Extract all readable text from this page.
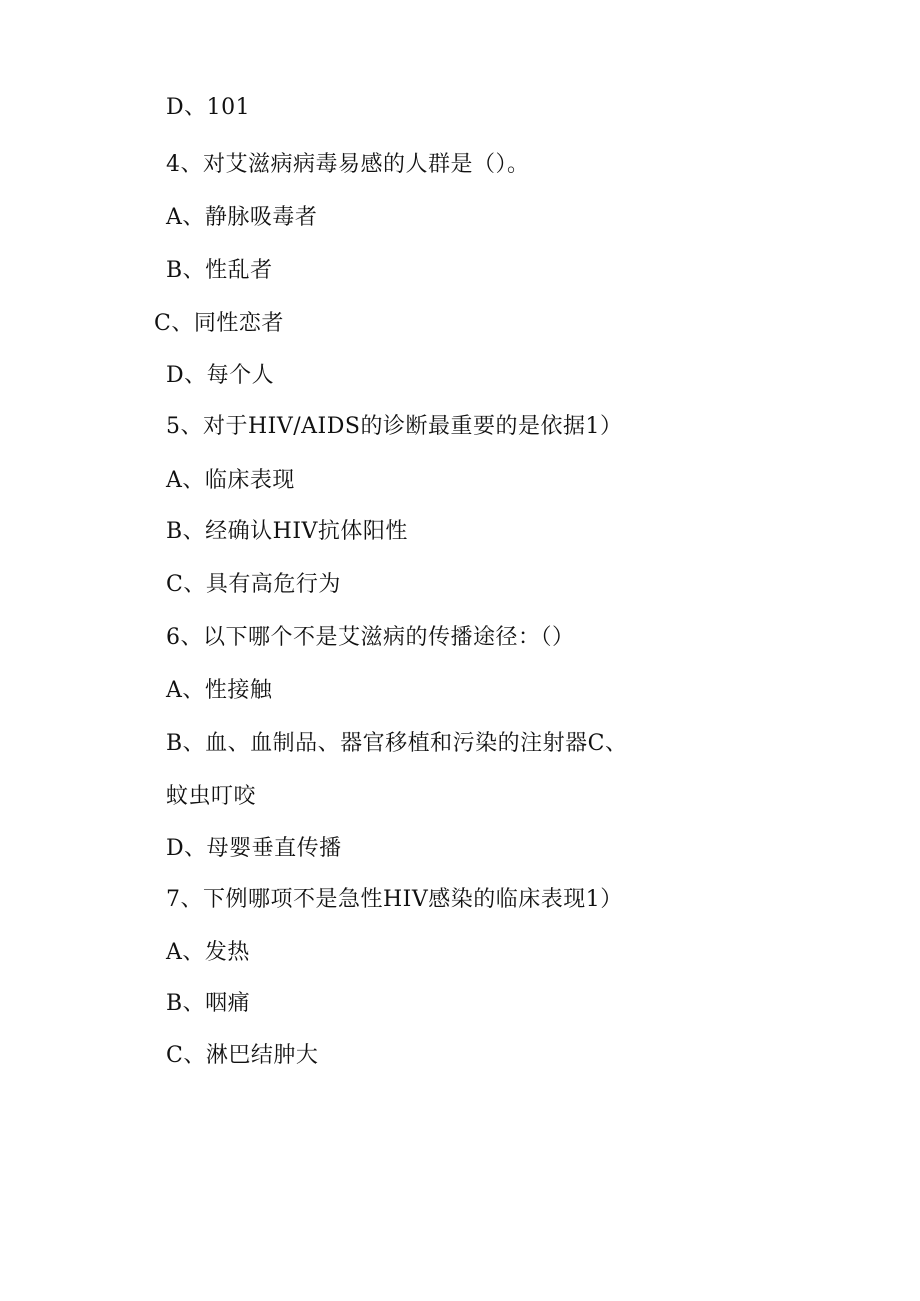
D、101
4、对艾滋病病毒易感的人群是（）。
A、静脉吸毒者
B、性乱者
C、同性恋者
D、每个人
5、对于HIV/AIDS的诊断最重要的是依据1）
A、临床表现
B、经确认HIV抗体阳性
C、具有高危行为
6、以下哪个不是艾滋病的传播途径：（）
A、性接触
B、血、血制品、器官移植和污染的注射器C、
蚊虫叮咬
D、母婴垂直传播
7、下例哪项不是急性HIV感染的临床表现1）
A、发热
B、咽痛
C、淋巴结肿大
